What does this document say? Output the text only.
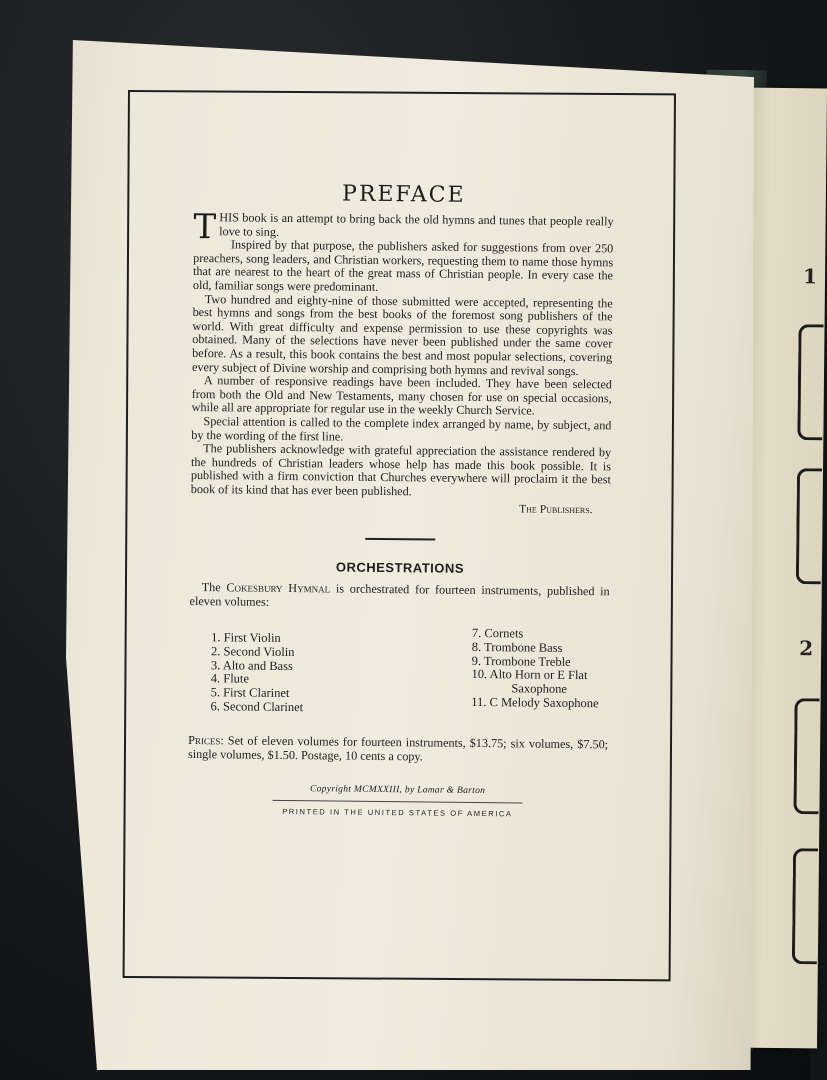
1
2
PREFACE

THIS book is an attempt to bring back the old hymns and tunes that people really love to sing.

Inspired by that purpose, the publishers asked for suggestions from over 250 preachers, song leaders, and Christian workers, requesting them to name those hymns that are nearest to the heart of the great mass of Christian people. In every case the old, familiar songs were predominant.

Two hundred and eighty-nine of those submitted were accepted, representing the best hymns and songs from the best books of the foremost song publishers of the world. With great difficulty and expense permission to use these copyrights was obtained. Many of the selections have never been published under the same cover before. As a result, this book contains the best and most popular selections, covering every subject of Divine worship and comprising both hymns and revival songs.

A number of responsive readings have been included. They have been selected from both the Old and New Testaments, many chosen for use on special occasions, while all are appropriate for regular use in the weekly Church Service.

Special attention is called to the complete index arranged by name, by subject, and by the wording of the first line.

The publishers acknowledge with grateful appreciation the assistance rendered by the hundreds of Christian leaders whose help has made this book possible. It is published with a firm conviction that Churches everywhere will proclaim it the best book of its kind that has ever been published.

The Publishers.
ORCHESTRATIONS

The Cokesbury Hymnal is orchestrated for fourteen instruments, published in eleven volumes:

1. First Violin
2. Second Violin
3. Alto and Bass
4. Flute
5. First Clarinet
6. Second Clarinet
7. Cornets
8. Trombone Bass
9. Trombone Treble
10. Alto Horn or E Flat
Saxophone
11. C Melody Saxophone

Prices: Set of eleven volumes for fourteen instruments, $13.75; six volumes, $7.50; single volumes, $1.50. Postage, 10 cents a copy.

Copyright MCMXXIII, by Lamar & Barton
PRINTED IN THE UNITED STATES OF AMERICA
